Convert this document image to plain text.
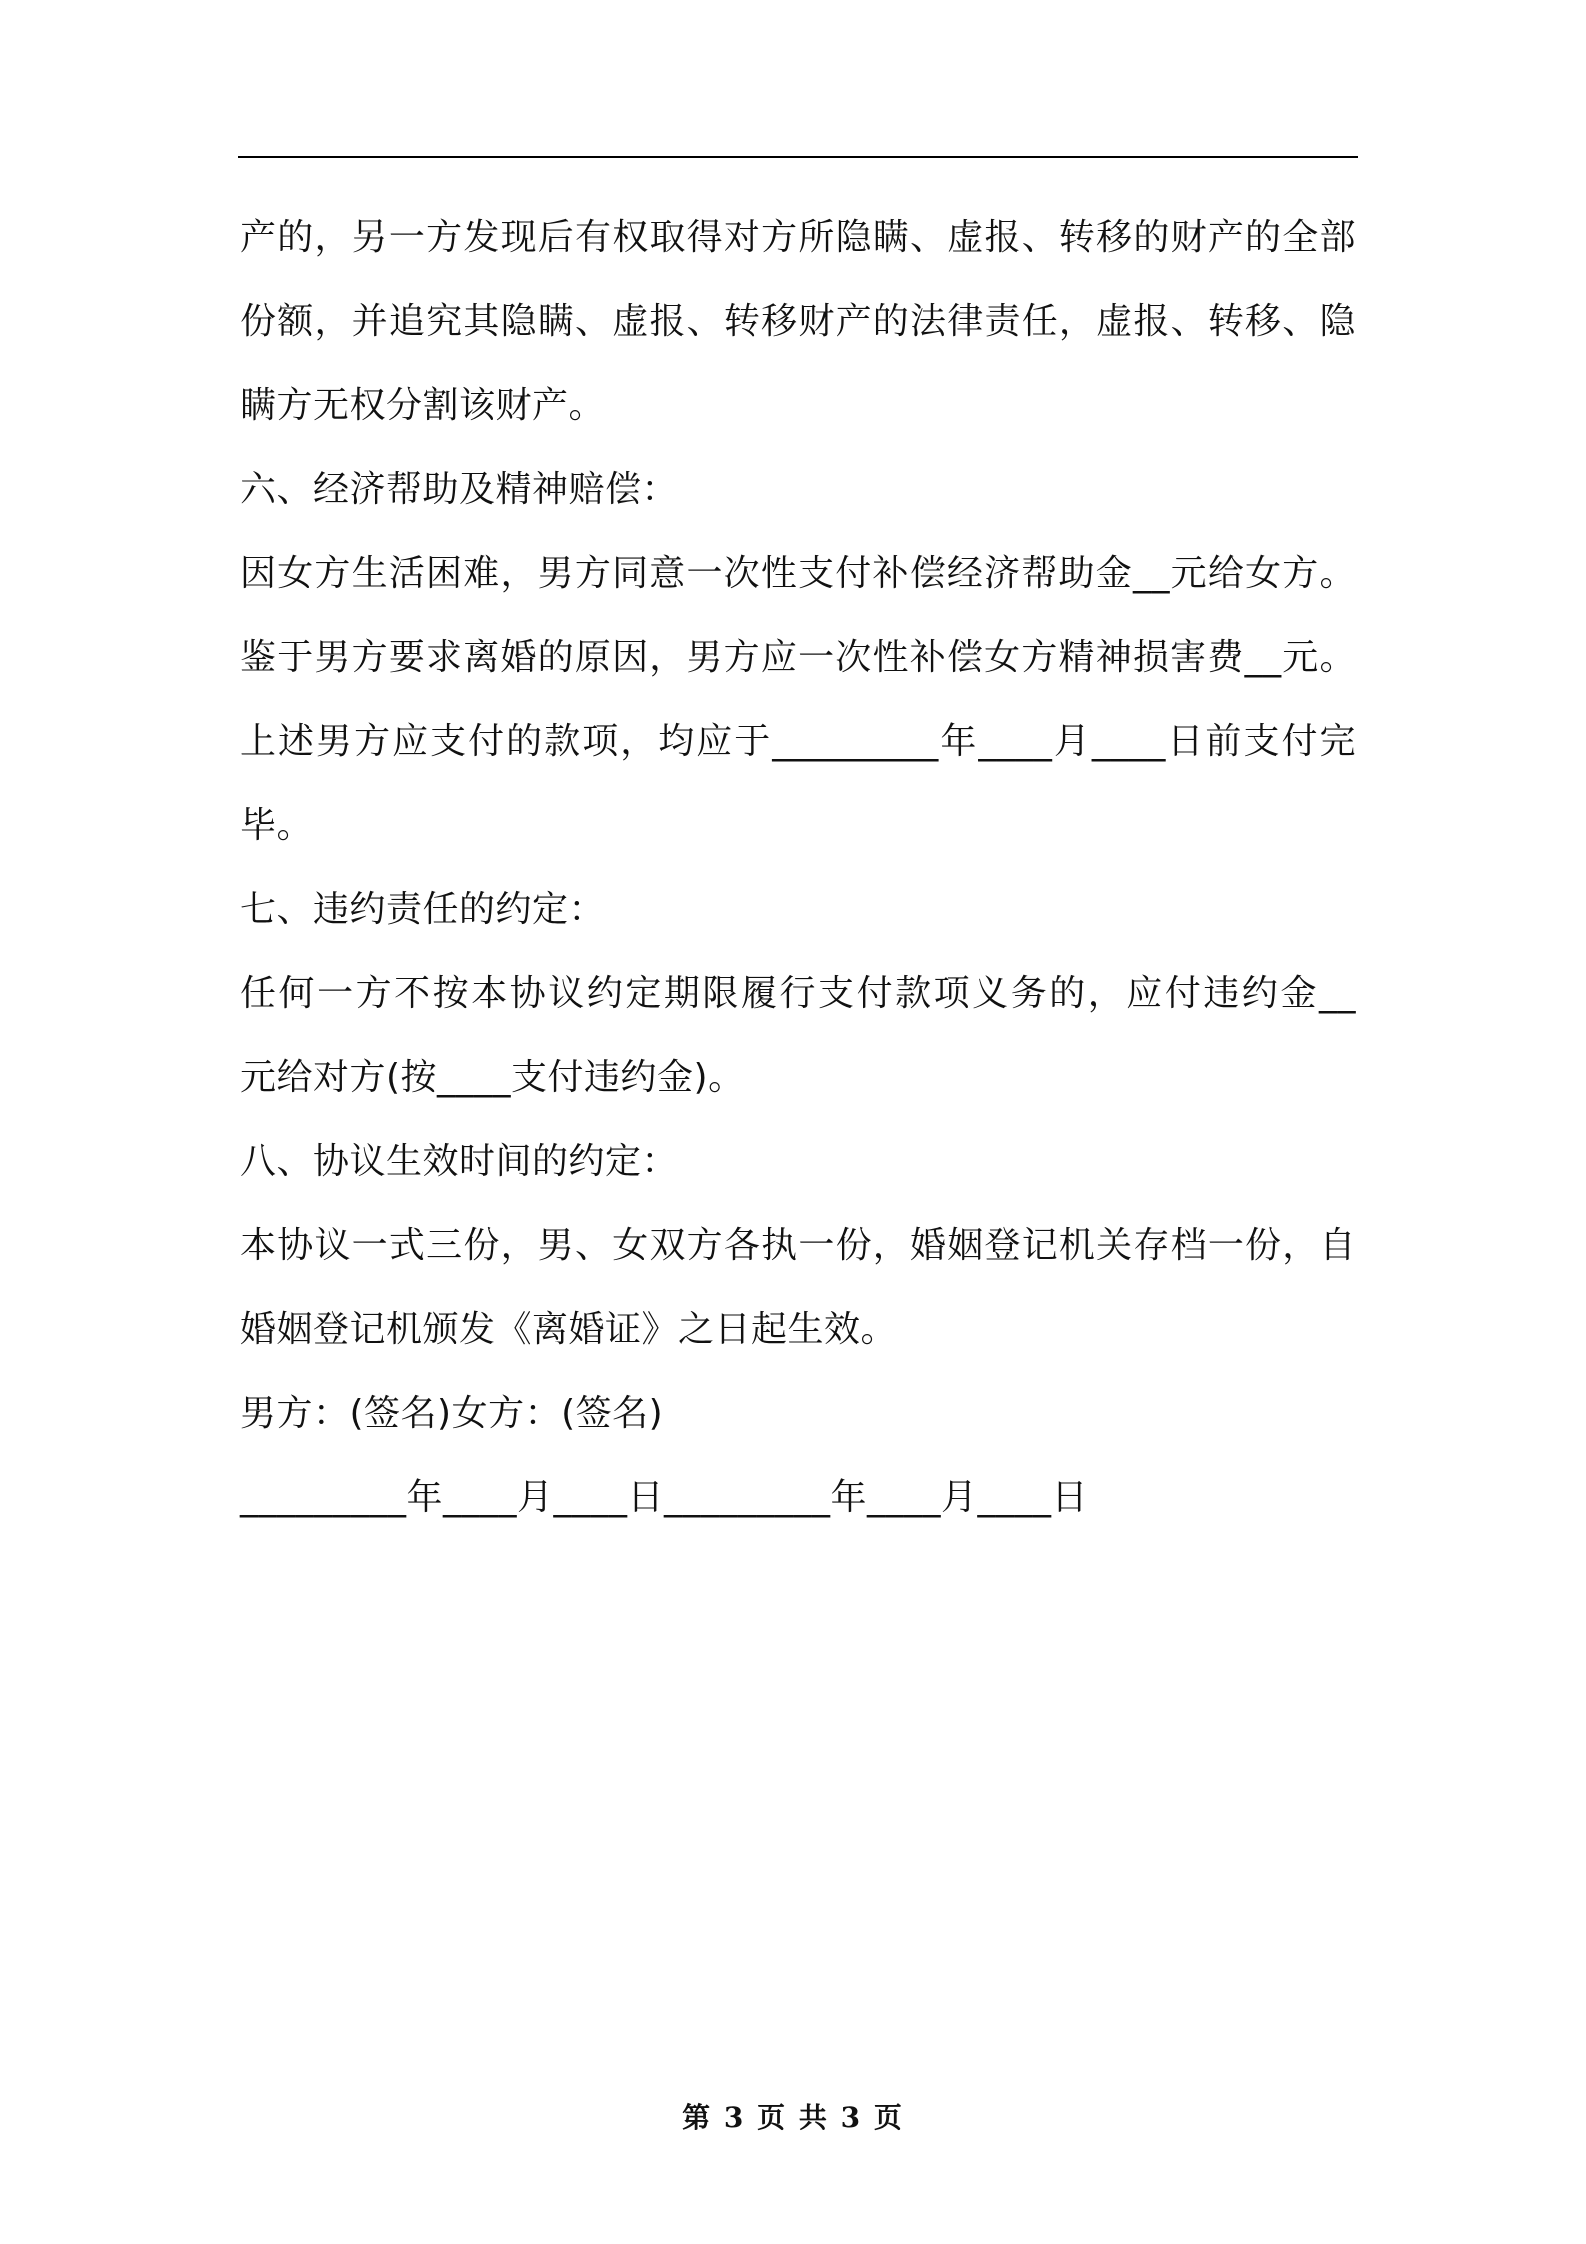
产的，另一方发现后有权取得对方所隐瞒、虚报、转移的财产的全部
份额，并追究其隐瞒、虚报、转移财产的法律责任，虚报、转移、隐
瞒方无权分割该财产。
六、经济帮助及精神赔偿：
因女方生活困难，男方同意一次性支付补偿经济帮助金__元给女方。
鉴于男方要求离婚的原因，男方应一次性补偿女方精神损害费__元。
上述男方应支付的款项，均应于_________年____月____日前支付完
毕。
七、违约责任的约定：
任何一方不按本协议约定期限履行支付款项义务的，应付违约金__
元给对方(按____支付违约金)。
八、协议生效时间的约定：
本协议一式三份，男、女双方各执一份，婚姻登记机关存档一份，自
婚姻登记机颁发《离婚证》之日起生效。
男方：(签名)女方：(签名)
_________年____月____日_________年____月____日
第 3 页 共 3 页
